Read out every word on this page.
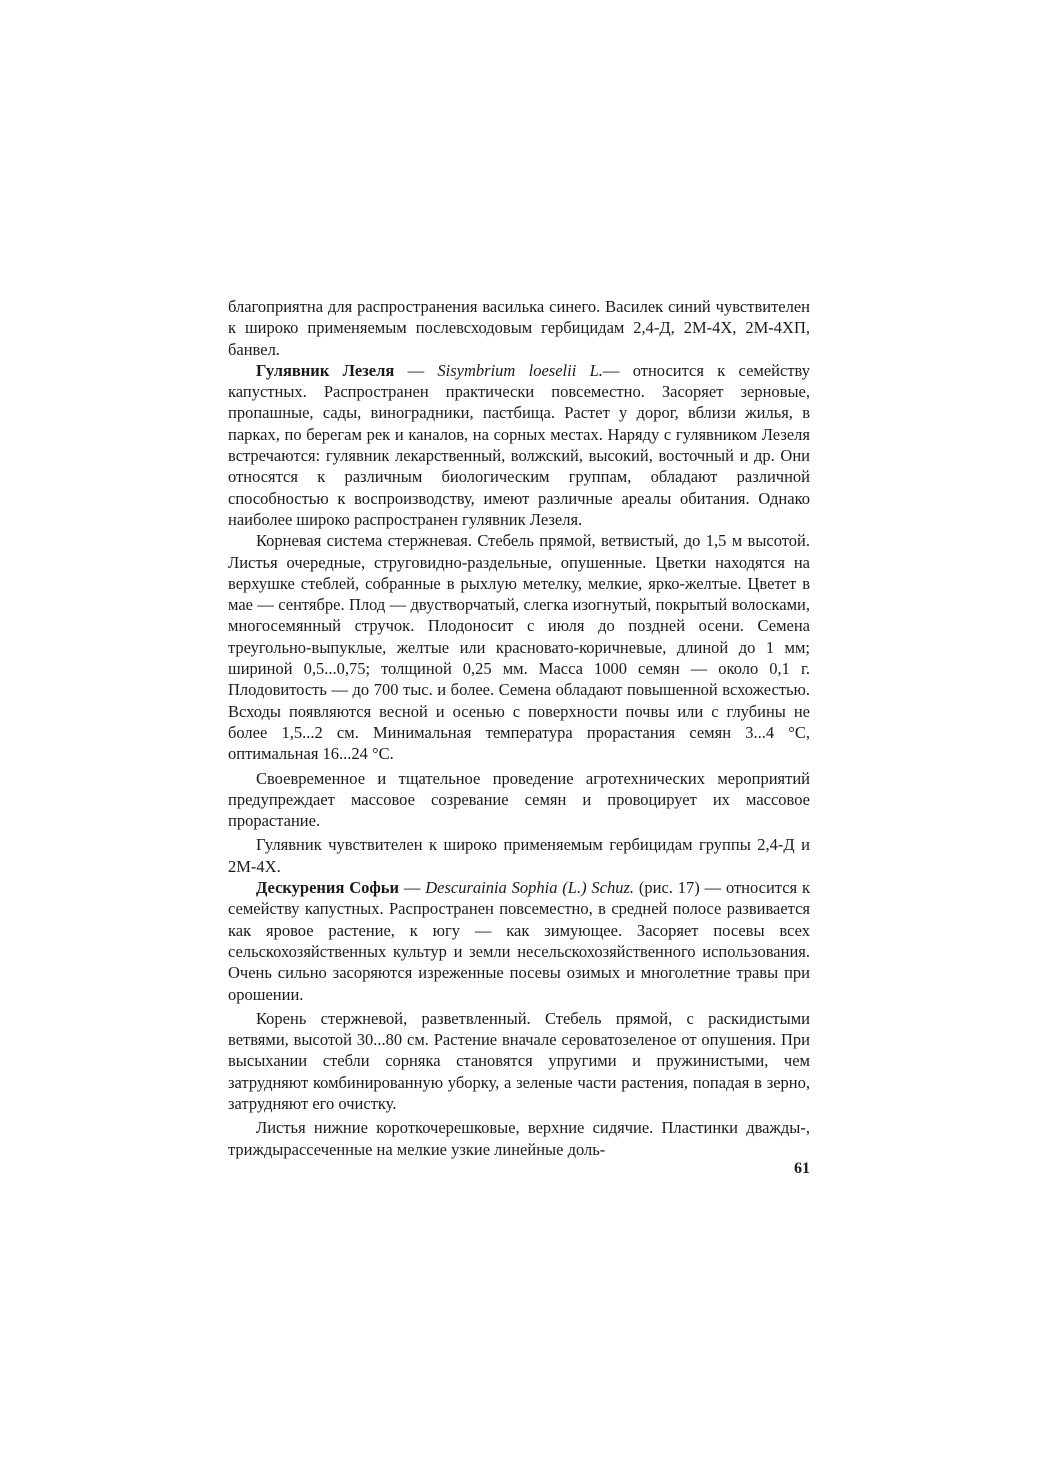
благоприятна для распространения василька синего. Василек синий чувствителен к широко применяемым послевсходовым гербицидам 2,4-Д, 2М-4Х, 2М-4ХП, банвел.

Гулявник Лезеля — Sisymbrium loeselii L.— относится к семейству капустных. Распространен практически повсеместно. Засоряет зерновые, пропашные, сады, виноградники, пастбища. Растет у дорог, вблизи жилья, в парках, по берегам рек и каналов, на сорных местах. Наряду с гулявником Лезеля встречаются: гулявник лекарственный, волжский, высокий, восточный и др. Они относятся к различным биологическим группам, обладают различной способностью к воспроизводству, имеют различные ареалы обитания. Однако наиболее широко распространен гулявник Лезеля.

Корневая система стержневая. Стебель прямой, ветвистый, до 1,5 м высотой. Листья очередные, струговидно-раздельные, опушенные. Цветки находятся на верхушке стеблей, собранные в рыхлую метелку, мелкие, ярко-желтые. Цветет в мае — сентябре. Плод — двустворчатый, слегка изогнутый, покрытый волосками, многосемянный стручок. Плодоносит с июля до поздней осени. Семена треугольно-выпуклые, желтые или красновато-коричневые, длиной до 1 мм; шириной 0,5...0,75; толщиной 0,25 мм. Масса 1000 семян — около 0,1 г. Плодовитость — до 700 тыс. и более. Семена обладают повышенной всхожестью. Всходы появляются весной и осенью с поверхности почвы или с глубины не более 1,5...2 см. Минимальная температура прорастания семян 3...4 °С, оптимальная 16...24 °С.

Своевременное и тщательное проведение агротехнических мероприятий предупреждает массовое созревание семян и провоцирует их массовое прорастание.

Гулявник чувствителен к широко применяемым гербицидам группы 2,4-Д и 2М-4Х.

Дескурения Софьи — Descurainia Sophia (L.) Schuz. (рис. 17) — относится к семейству капустных. Распространен повсеместно, в средней полосе развивается как яровое растение, к югу — как зимующее. Засоряет посевы всех сельскохозяйственных культур и земли несельскохозяйственного использования. Очень сильно засоряются изреженные посевы озимых и многолетние травы при орошении.

Корень стержневой, разветвленный. Стебель прямой, с раскидистыми ветвями, высотой 30...80 см. Растение вначале сероватозеленое от опушения. При высыхании стебли сорняка становятся упругими и пружинистыми, чем затрудняют комбинированную уборку, а зеленые части растения, попадая в зерно, затрудняют его очистку.

Листья нижние короткочерешковые, верхние сидячие. Пластинки дважды-, триждырассеченные на мелкие узкие линейные доль-

61
